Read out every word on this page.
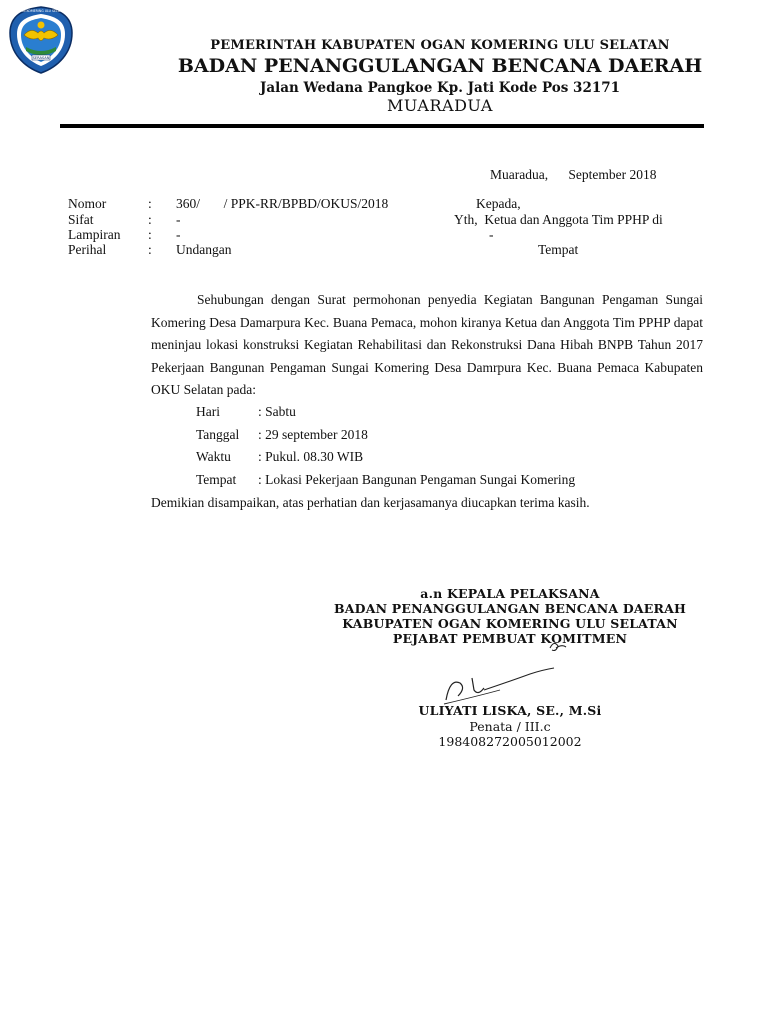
SERASAN
OGAN KOMERING ULU SELATAN
PEMERINTAH KABUPATEN OGAN KOMERING ULU SELATAN
BADAN PENANGGULANGAN BENCANA DAERAH
Jalan Wedana Pangkoe Kp. Jati Kode Pos 32171
MUARADUA
Muaradua,      September 2018
Nomor	: 360/       / PPK-RR/BPBD/OKUS/2018
Sifat	: -
Lampiran : -
Perihal	: Undangan
Kepada,
Yth,  Ketua dan Anggota Tim PPHP di
-
Tempat
Sehubungan dengan Surat permohonan penyedia Kegiatan Bangunan Pengaman Sungai Komering Desa Damarpura Kec. Buana Pemaca, mohon kiranya Ketua dan Anggota Tim PPHP dapat meninjau lokasi konstruksi Kegiatan Rehabilitasi dan Rekonstruksi Dana Hibah BNPB Tahun 2017 Pekerjaan Bangunan Pengaman Sungai Komering Desa Damrpura Kec. Buana Pemaca Kabupaten OKU Selatan pada:
Hari	: Sabtu
Tanggal : 29 september 2018
Waktu : Pukul. 08.30 WIB
Tempat : Lokasi Pekerjaan Bangunan Pengaman Sungai Komering
Demikian disampaikan, atas perhatian dan kerjasamanya diucapkan terima kasih.
a.n KEPALA PELAKSANA
BADAN PENANGGULANGAN BENCANA DAERAH
KABUPATEN OGAN KOMERING ULU SELATAN
PEJABAT PEMBUAT KOMITMEN
ULIYATI LISKA, SE., M.Si
Penata / III.c
198408272005012002
